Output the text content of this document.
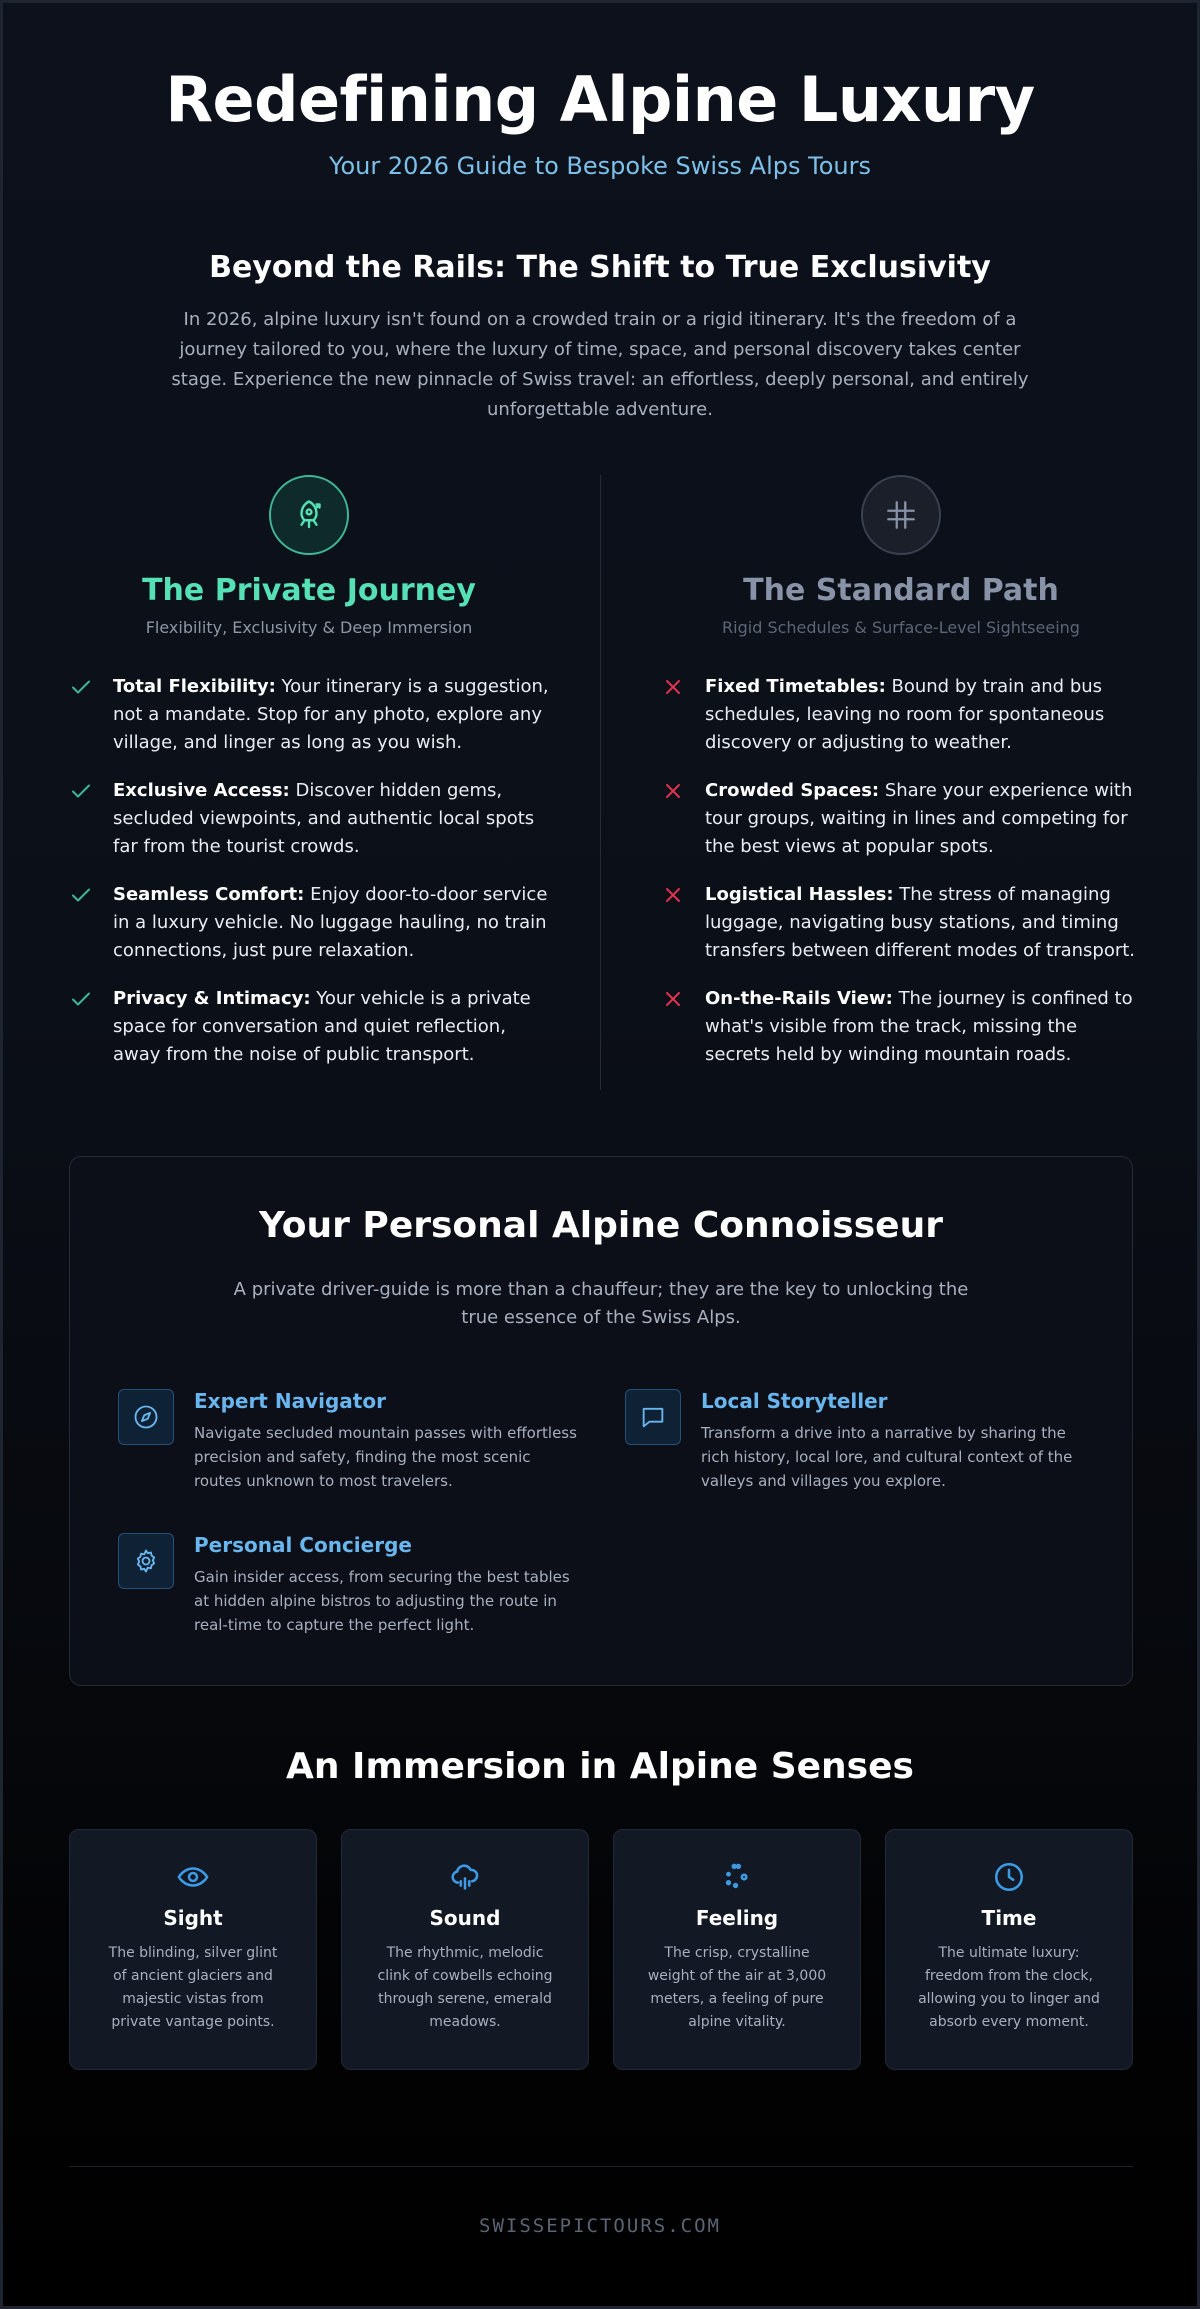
Redefining Alpine Luxury
Your 2026 Guide to Bespoke Swiss Alps Tours
Beyond the Rails: The Shift to True Exclusivity

In 2026, alpine luxury isn't found on a crowded train or a rigid itinerary. It's the freedom of a journey tailored to you, where the luxury of time, space, and personal discovery takes center stage. Experience the new pinnacle of Swiss travel: an effortless, deeply personal, and entirely unforgettable adventure.

The Private Journey
Flexibility, Exclusivity & Deep Immersion
Total Flexibility: Your itinerary is a suggestion, not a mandate. Stop for any photo, explore any village, and linger as long as you wish.
Exclusive Access: Discover hidden gems, secluded viewpoints, and authentic local spots far from the tourist crowds.
Seamless Comfort: Enjoy door-to-door service in a luxury vehicle. No luggage hauling, no train connections, just pure relaxation.
Privacy & Intimacy: Your vehicle is a private space for conversation and quiet reflection, away from the noise of public transport.
The Standard Path
Rigid Schedules & Surface-Level Sightseeing
Fixed Timetables: Bound by train and bus schedules, leaving no room for spontaneous discovery or adjusting to weather.
Crowded Spaces: Share your experience with tour groups, waiting in lines and competing for the best views at popular spots.
Logistical Hassles: The stress of managing luggage, navigating busy stations, and timing transfers between different modes of transport.
On-the-Rails View: The journey is confined to what's visible from the track, missing the secrets held by winding mountain roads.
Your Personal Alpine Connoisseur

A private driver-guide is more than a chauffeur; they are the key to unlocking the true essence of the Swiss Alps.

Expert Navigator

Navigate secluded mountain passes with effortless precision and safety, finding the most scenic routes unknown to most travelers.

Local Storyteller

Transform a drive into a narrative by sharing the rich history, local lore, and cultural context of the valleys and villages you explore.

Personal Concierge

Gain insider access, from securing the best tables at hidden alpine bistros to adjusting the route in real-time to capture the perfect light.

An Immersion in Alpine Senses
Sight

The blinding, silver glint of ancient glaciers and majestic vistas from private vantage points.

Sound

The rhythmic, melodic clink of cowbells echoing through serene, emerald meadows.

Feeling

The crisp, crystalline weight of the air at 3,000 meters, a feeling of pure alpine vitality.

Time

The ultimate luxury: freedom from the clock, allowing you to linger and absorb every moment.

SWISSEPICTOURS.COM
